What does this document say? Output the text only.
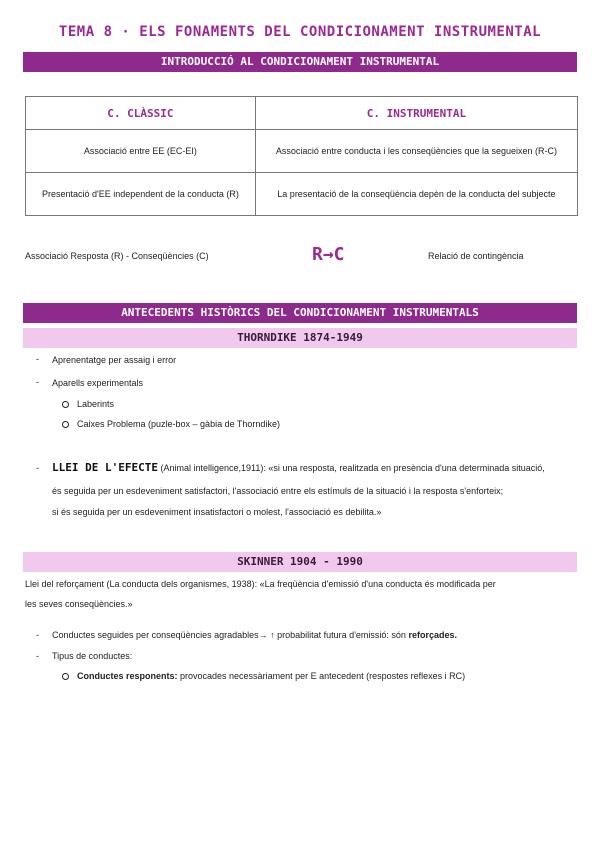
TEMA 8 · ELS FONAMENTS DEL CONDICIONAMENT INSTRUMENTAL
INTRODUCCIÓ AL CONDICIONAMENT INSTRUMENTAL
C. CLÀSSIC	C. INSTRUMENTAL
Associació entre EE (EC-EI)	Associació entre conducta i les conseqüències que la segueixen (R-C)
Presentació d'EE independent de la conducta (R)	La presentació de la conseqüència depèn de la conducta del subjecte
Associació Resposta (R) - Conseqüències (C)	R→C	Relació de contingència
ANTECEDENTS HISTÒRICS DEL CONDICIONAMENT INSTRUMENTALS
THORNDIKE 1874-1949
- Aprenentatge per assaig i error
- Aparells experimentals
Laberints
Caixes Problema (puzle-box – gàbia de Thorndike)
- LLEI DE L'EFECTE (Animal intelligence,1911): «si una resposta, realitzada en presència d'una determinada situació,
és seguida per un esdeveniment satisfactori, l'associació entre els estímuls de la situació i la resposta s'enforteix;
si és seguida per un esdeveniment insatisfactori o molest, l'associació es debilita.»
SKINNER 1904 - 1990
Llei del reforçament (La conducta dels organismes, 1938): «La freqüència d'emissió d'una conducta és modificada per
les seves conseqüències.»
- Conductes seguides per conseqüències agradables→ ↑ probabilitat futura d'emissió: són reforçades.
- Tipus de conductes:
Conductes responents: provocades necessàriament per E antecedent (respostes reflexes i RC)
